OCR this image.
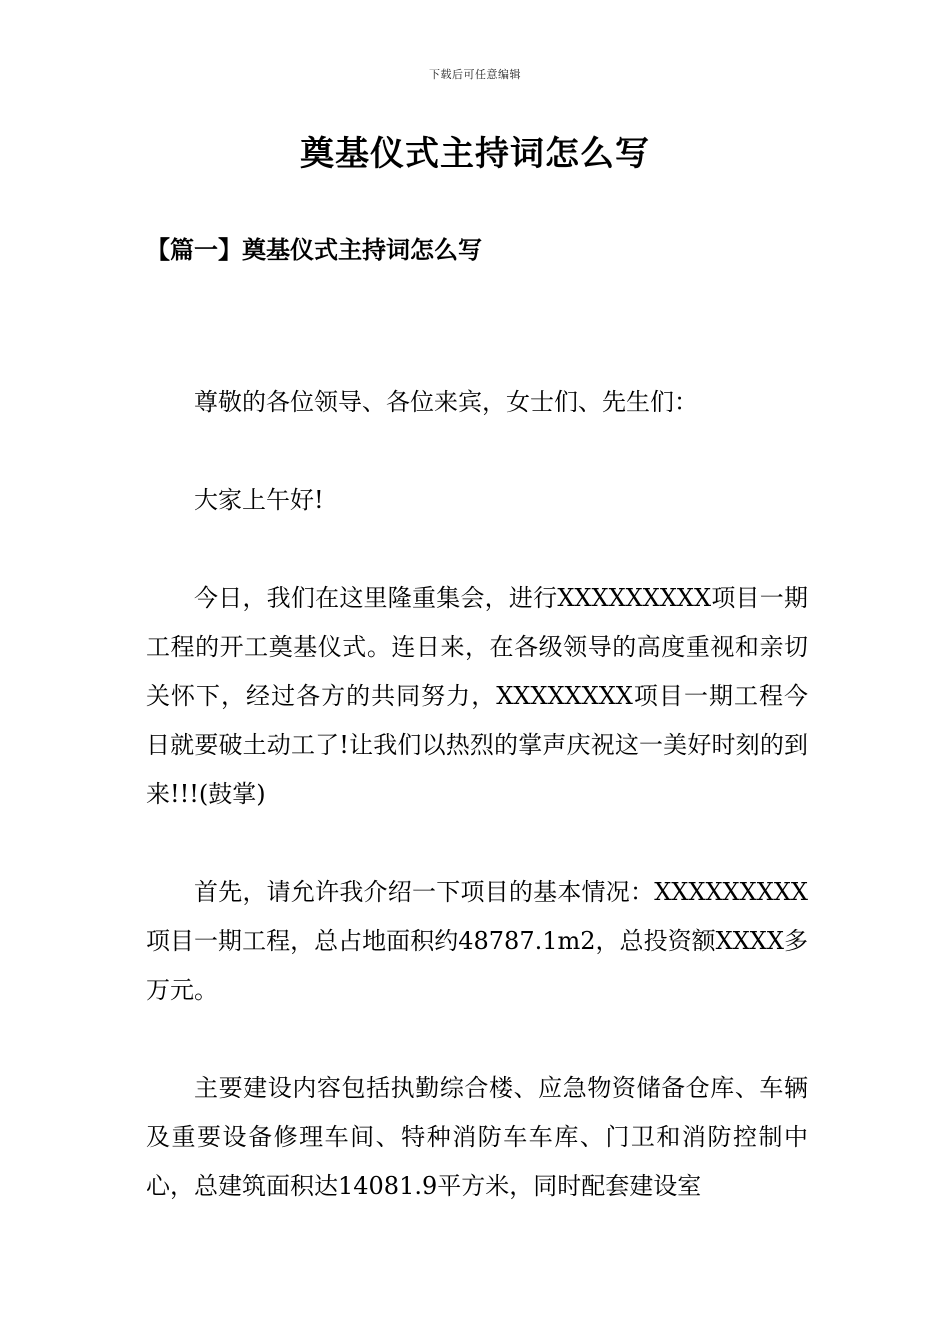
下载后可任意编辑
奠基仪式主持词怎么写
【篇一】奠基仪式主持词怎么写

尊敬的各位领导、各位来宾，女士们、先生们：

大家上午好!

今日，我们在这里隆重集会，进行XXXXXXXXX项目一期工程的开工奠基仪式。连日来，在各级领导的高度重视和亲切关怀下，经过各方的共同努力，XXXXXXXX项目一期工程今日就要破土动工了!让我们以热烈的掌声庆祝这一美好时刻的到来!!!(鼓掌)

首先，请允许我介绍一下项目的基本情况：XXXXXXXXX项目一期工程，总占地面积约48787.1m2，总投资额XXXX多万元。

主要建设内容包括执勤综合楼、应急物资储备仓库、车辆及重要设备修理车间、特种消防车车库、门卫和消防控制中心，总建筑面积达14081.9平方米，同时配套建设室
